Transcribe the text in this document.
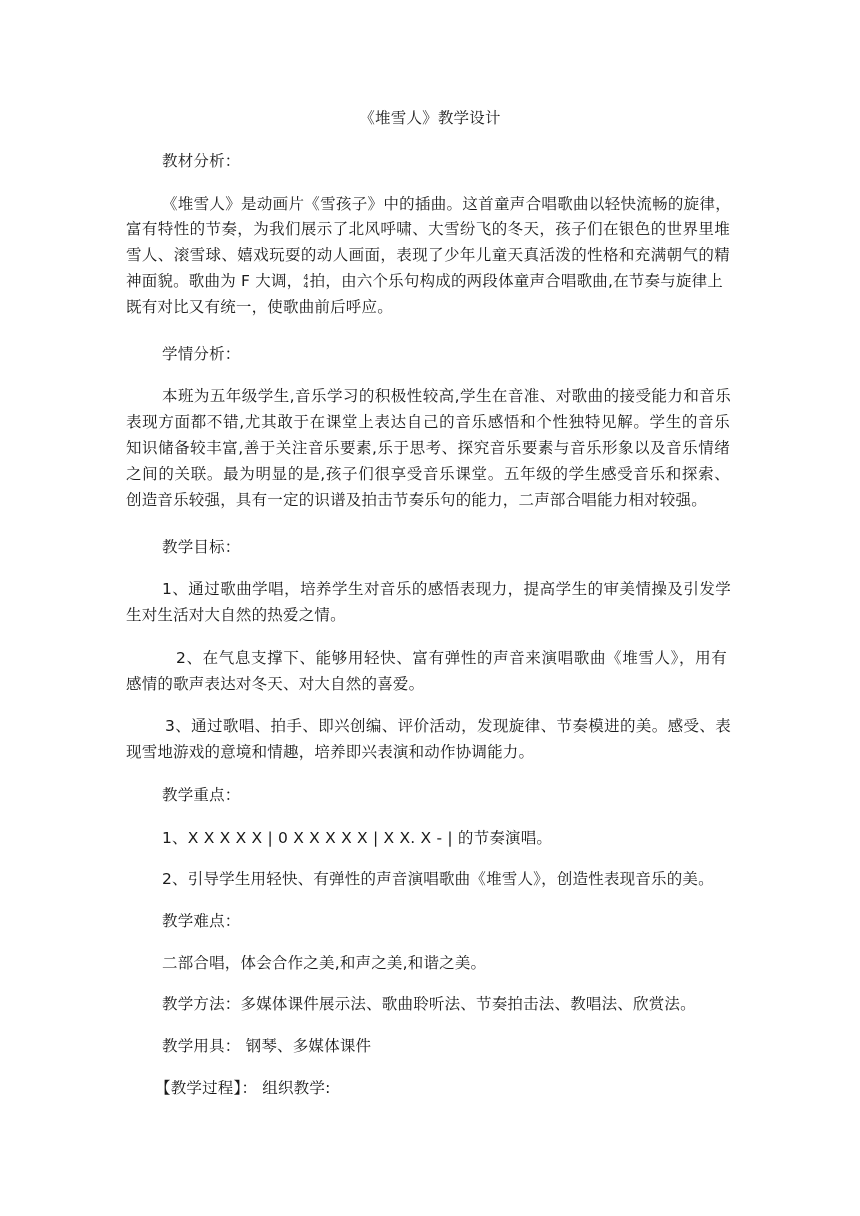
《堆雪人》教学设计
教材分析：
《堆雪人》是动画片《雪孩子》中的插曲。这首童声合唱歌曲以轻快流畅的旋律，
富有特性的节奏，为我们展示了北风呼啸、大雪纷飞的冬天，孩子们在银色的世界里堆
雪人、滚雪球、嬉戏玩耍的动人画面，表现了少年儿童天真活泼的性格和充满朝气的精
神面貌。歌曲为 F 大调， 4
4 拍，由六个乐句构成的两段体童声合唱歌曲,在节奏与旋律上
既有对比又有统一，使歌曲前后呼应。
学情分析：
本班为五年级学生,音乐学习的积极性较高,学生在音准、对歌曲的接受能力和音乐
表现方面都不错,尤其敢于在课堂上表达自己的音乐感悟和个性独特见解。学生的音乐
知识储备较丰富,善于关注音乐要素,乐于思考、探究音乐要素与音乐形象以及音乐情绪
之间的关联。最为明显的是,孩子们很享受音乐课堂。五年级的学生感受音乐和探索、
创造音乐较强，具有一定的识谱及拍击节奏乐句的能力，二声部合唱能力相对较强。
教学目标：
1、通过歌曲学唱，培养学生对音乐的感悟表现力，提高学生的审美情操及引发学
生对生活对大自然的热爱之情。
2、在气息支撑下、能够用轻快、富有弹性的声音来演唱歌曲《堆雪人》，用有
感情的歌声表达对冬天、对大自然的喜爱。
3、通过歌唱、拍手、即兴创编、评价活动，发现旋律、节奏模进的美。感受、表
现雪地游戏的意境和情趣，培养即兴表演和动作协调能力。
教学重点：
1、X X X X X | 0 X X X X X | X X. X - | 的节奏演唱。
2、引导学生用轻快、有弹性的声音演唱歌曲《堆雪人》，创造性表现音乐的美。
教学难点：
二部合唱，体会合作之美,和声之美,和谐之美。
教学方法：多媒体课件展示法、歌曲聆听法、节奏拍击法、教唱法、欣赏法。
教学用具： 钢琴、多媒体课件
【教学过程】： 组织教学:
